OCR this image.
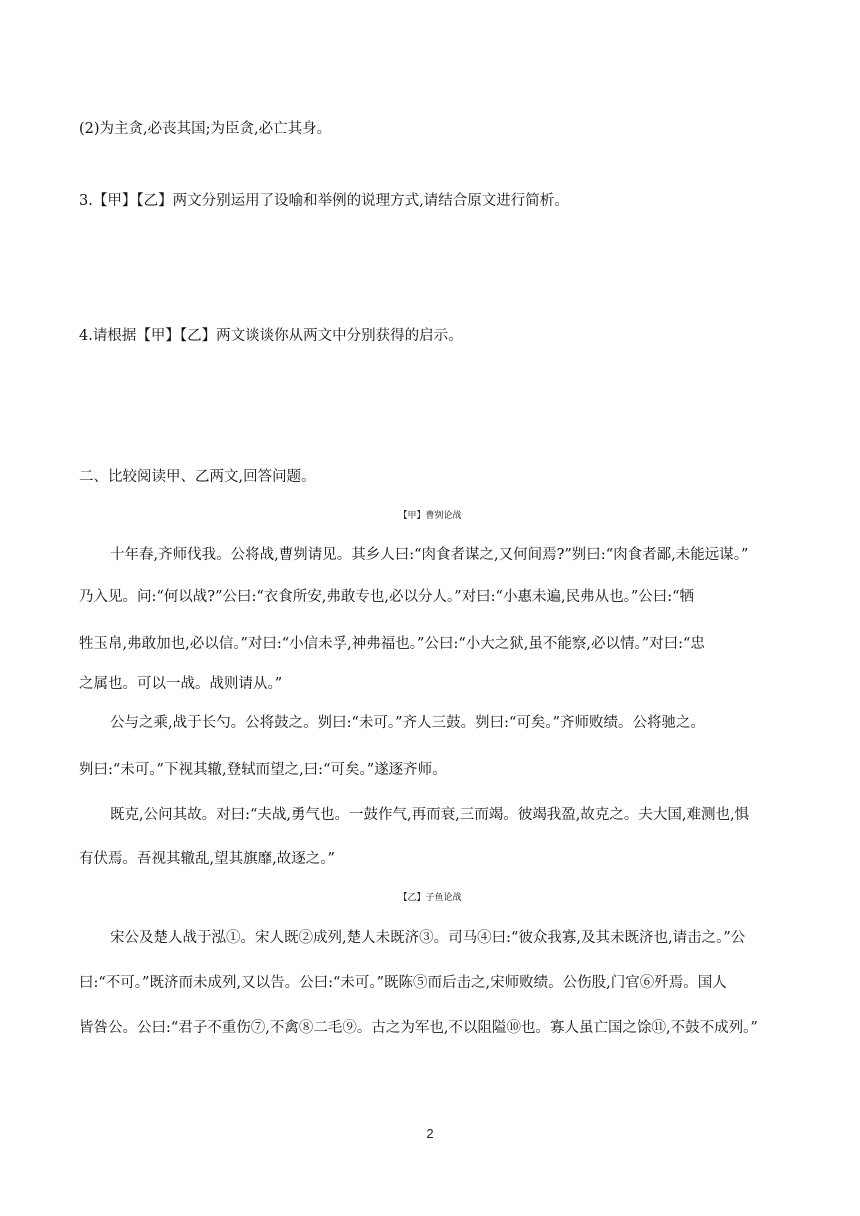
(2)为主贪,必丧其国;为臣贪,必亡其身。
3.【甲】【乙】两文分别运用了设喻和举例的说理方式,请结合原文进行简析。
4.请根据【甲】【乙】两文谈谈你从两文中分别获得的启示。
二、比较阅读甲、乙两文,回答问题。
【甲】曹刿论战
十年春,齐师伐我。公将战,曹刿请见。其乡人曰:“肉食者谋之,又何间焉?”刿曰:“肉食者鄙,未能远谋。”
乃入见。问:“何以战?”公曰:“衣食所安,弗敢专也,必以分人。”对曰:“小惠未遍,民弗从也。”公曰:“牺
牲玉帛,弗敢加也,必以信。”对曰:“小信未孚,神弗福也。”公曰:“小大之狱,虽不能察,必以情。”对曰:“忠
之属也。可以一战。战则请从。”
公与之乘,战于长勺。公将鼓之。刿曰:“未可。”齐人三鼓。刿曰:“可矣。”齐师败绩。公将驰之。
刿曰:“未可。”下视其辙,登轼而望之,曰:“可矣。”遂逐齐师。
既克,公问其故。对曰:“夫战,勇气也。一鼓作气,再而衰,三而竭。彼竭我盈,故克之。夫大国,难测也,惧
有伏焉。吾视其辙乱,望其旗靡,故逐之。”
【乙】子鱼论战
宋公及楚人战于泓①。宋人既②成列,楚人未既济③。司马④曰:“彼众我寡,及其未既济也,请击之。”公
曰:“不可。”既济而未成列,又以告。公曰:“未可。”既陈⑤而后击之,宋师败绩。公伤股,门官⑥歼焉。国人
皆咎公。公曰:“君子不重伤⑦,不禽⑧二毛⑨。古之为军也,不以阻隘⑩也。寡人虽亡国之馀⑪,不鼓不成列。”
2
